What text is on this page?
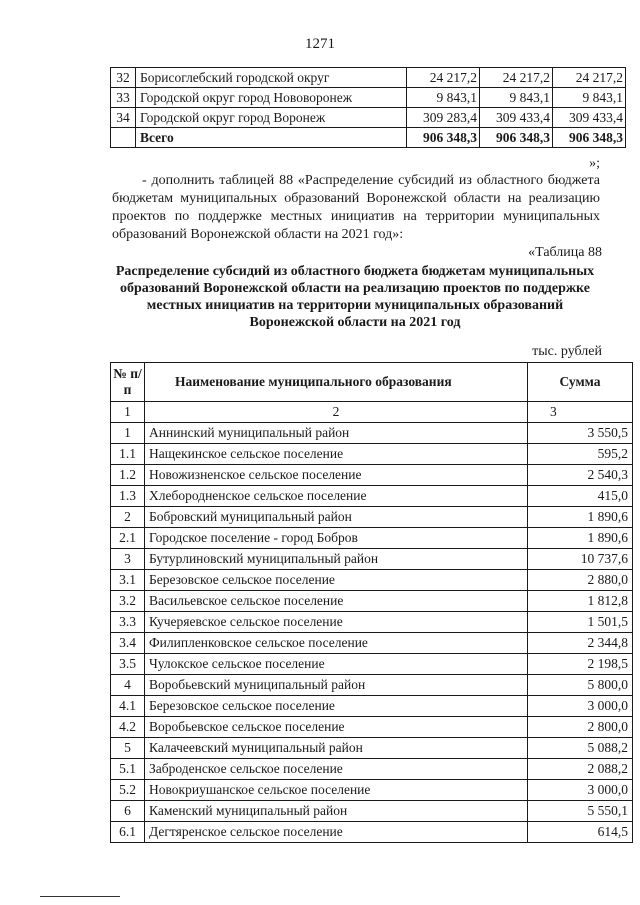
1271
32	Борисоглебский городской округ	24 217,2	24 217,2	24 217,2
33	Городской округ город Нововоронеж	9 843,1	9 843,1	9 843,1
34	Городской округ город Воронеж	309 283,4	309 433,4	309 433,4
	Всего	906 348,3	906 348,3	906 348,3
»;

- дополнить таблицей 88 «Распределение субсидий из областного бюджета бюджетам муниципальных образований Воронежской области на реализацию проектов по поддержке местных инициатив на территории муниципальных образований Воронежской области на 2021 год»:

«Таблица 88

Распределение субсидий из областного бюджета бюджетам муниципальных образований Воронежской области на реализацию проектов по поддержке местных инициатив на территории муниципальных образований Воронежской области на 2021 год

тыс. рублей
№ п/п	Наименование муниципального образования	Сумма
1	2	3
1	Аннинский муниципальный район	3 550,5
1.1	Нащекинское сельское поселение	595,2
1.2	Новожизненское сельское поселение	2 540,3
1.3	Хлебородненское сельское поселение	415,0
2	Бобровский муниципальный район	1 890,6
2.1	Городское поселение - город Бобров	1 890,6
3	Бутурлиновский муниципальный район	10 737,6
3.1	Березовское сельское поселение	2 880,0
3.2	Васильевское сельское поселение	1 812,8
3.3	Кучеряевское сельское поселение	1 501,5
3.4	Филипленковское сельское поселение	2 344,8
3.5	Чулокское сельское поселение	2 198,5
4	Воробьевский муниципальный район	5 800,0
4.1	Березовское сельское поселение	3 000,0
4.2	Воробьевское сельское поселение	2 800,0
5	Калачеевский муниципальный район	5 088,2
5.1	Заброденское сельское поселение	2 088,2
5.2	Новокриушанское сельское поселение	3 000,0
6	Каменский муниципальный район	5 550,1
6.1	Дегтяренское сельское поселение	614,5
